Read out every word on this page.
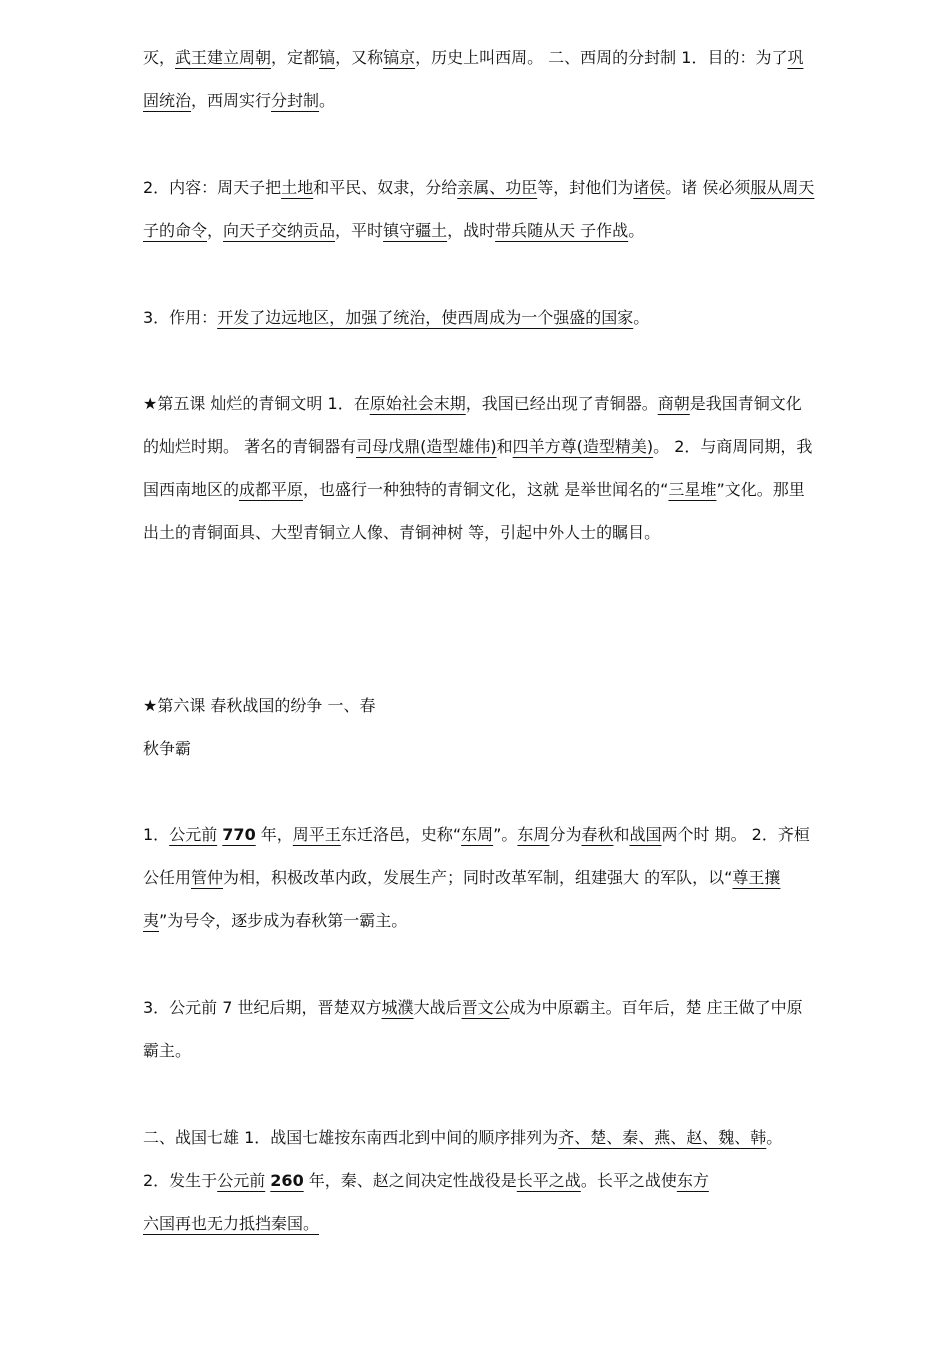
灭，武王建立周朝，定都镐，又称镐京，历史上叫西周。 二、西周的分封制 1．目的：为了巩固统治，西周实行分封制。

2．内容：周天子把土地和平民、奴隶，分给亲属、功臣等，封他们为诸侯。诸 侯必须服从周天子的命令，向天子交纳贡品，平时镇守疆土，战时带兵随从天 子作战。

3．作用：开发了边远地区，加强了统治，使西周成为一个强盛的国家。

★第五课 灿烂的青铜文明 1．在原始社会末期，我国已经出现了青铜器。商朝是我国青铜文化的灿烂时期。 著名的青铜器有司母戊鼎(造型雄伟)和四羊方尊(造型精美)。 2．与商周同期，我国西南地区的成都平原，也盛行一种独特的青铜文化，这就 是举世闻名的“三星堆”文化。那里出土的青铜面具、大型青铜立人像、青铜神树 等，引起中外人士的瞩目。

★第六课 春秋战国的纷争 一、春
秋争霸

1．公元前 770 年，周平王东迁洛邑，史称“东周”。东周分为春秋和战国两个时 期。 2．齐桓公任用管仲为相，积极改革内政，发展生产；同时改革军制，组建强大 的军队，以“尊王攘夷”为号令，逐步成为春秋第一霸主。

3．公元前 7 世纪后期，晋楚双方城濮大战后晋文公成为中原霸主。百年后，楚 庄王做了中原霸主。

二、战国七雄 1．战国七雄按东南西北到中间的顺序排列为齐、楚、秦、燕、赵、魏、韩。

2．发生于公元前 260 年，秦、赵之间决定性战役是长平之战。长平之战使东方
六国再也无力抵挡秦国。
